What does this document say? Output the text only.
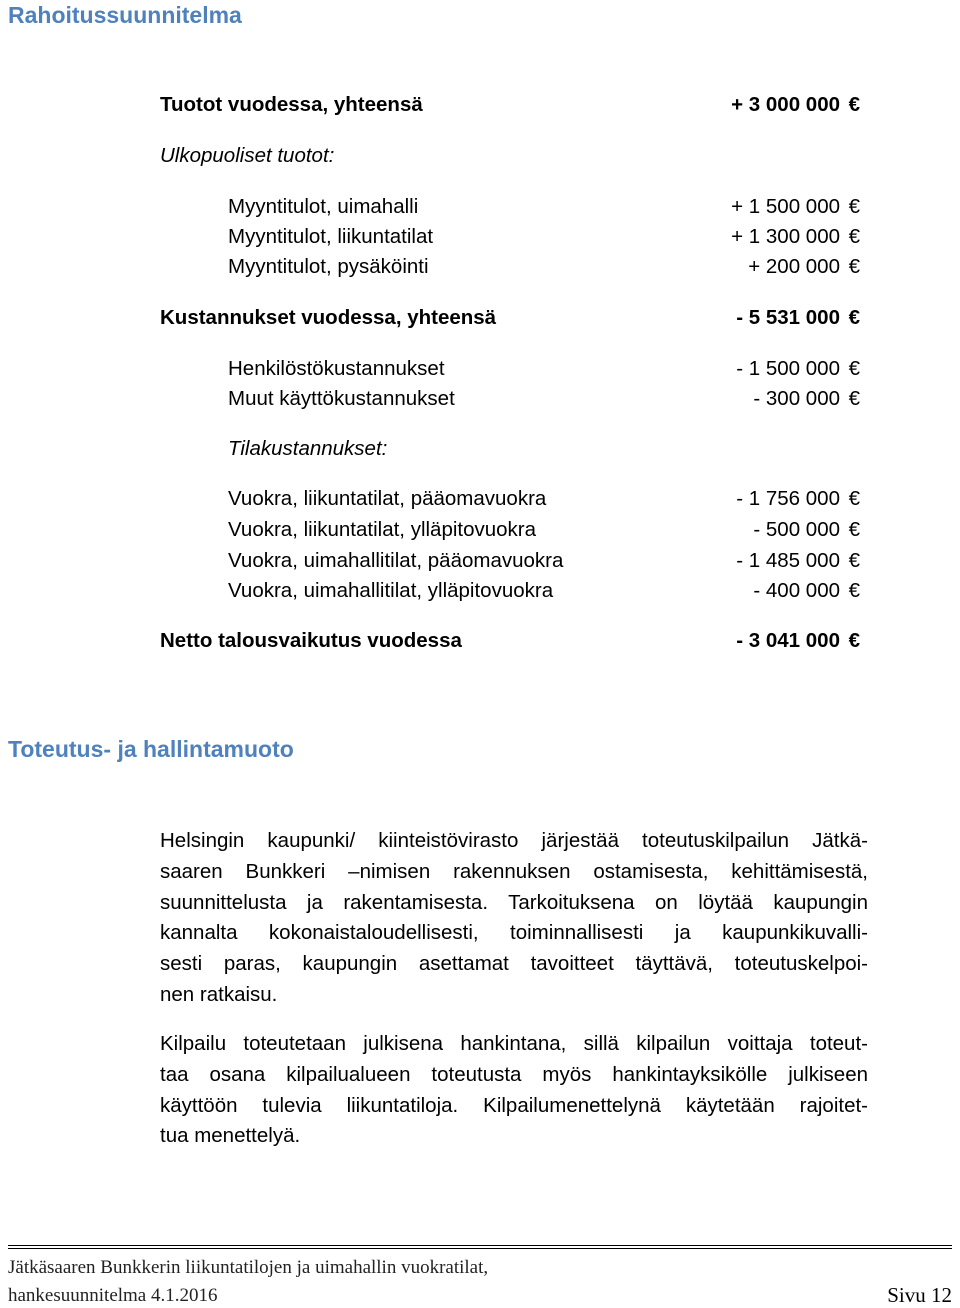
Rahoitussuunnitelma
Tuotot vuodessa, yhteensä	+ 3 000 000 €
Ulkopuoliset tuotot:
Myyntitulot, uimahalli	+ 1 500 000 €
Myyntitulot, liikuntatilat	+ 1 300 000 €
Myyntitulot, pysäköinti	+ 200 000 €
Kustannukset vuodessa, yhteensä	- 5 531 000 €
Henkilöstökustannukset	- 1 500 000 €
Muut käyttökustannukset	- 300 000 €
Tilakustannukset:
Vuokra, liikuntatilat, pääomavuokra	- 1 756 000 €
Vuokra, liikuntatilat, ylläpitovuokra	- 500 000 €
Vuokra, uimahallitilat, pääomavuokra	- 1 485 000 €
Vuokra, uimahallitilat, ylläpitovuokra	- 400 000 €
Netto talousvaikutus vuodessa	- 3 041 000 €
Toteutus- ja hallintamuoto
Helsingin kaupunki/ kiinteistövirasto järjestää toteutuskilpailun Jätkä-
saaren Bunkkeri –nimisen rakennuksen ostamisesta, kehittämisestä,
suunnittelusta ja rakentamisesta. Tarkoituksena on löytää kaupungin
kannalta kokonaistaloudellisesti, toiminnallisesti ja kaupunkikuvalli-
sesti paras, kaupungin asettamat tavoitteet täyttävä, toteutuskelpoi-
nen ratkaisu.
Kilpailu toteutetaan julkisena hankintana, sillä kilpailun voittaja toteut-
taa osana kilpailualueen toteutusta myös hankintayksikölle julkiseen
käyttöön tulevia liikuntatiloja. Kilpailumenettelynä käytetään rajoitet-
tua menettelyä.
Jätkäsaaren Bunkkerin liikuntatilojen ja uimahallin vuokratilat,
hankesuunnitelma 4.1.2016	Sivu 12
